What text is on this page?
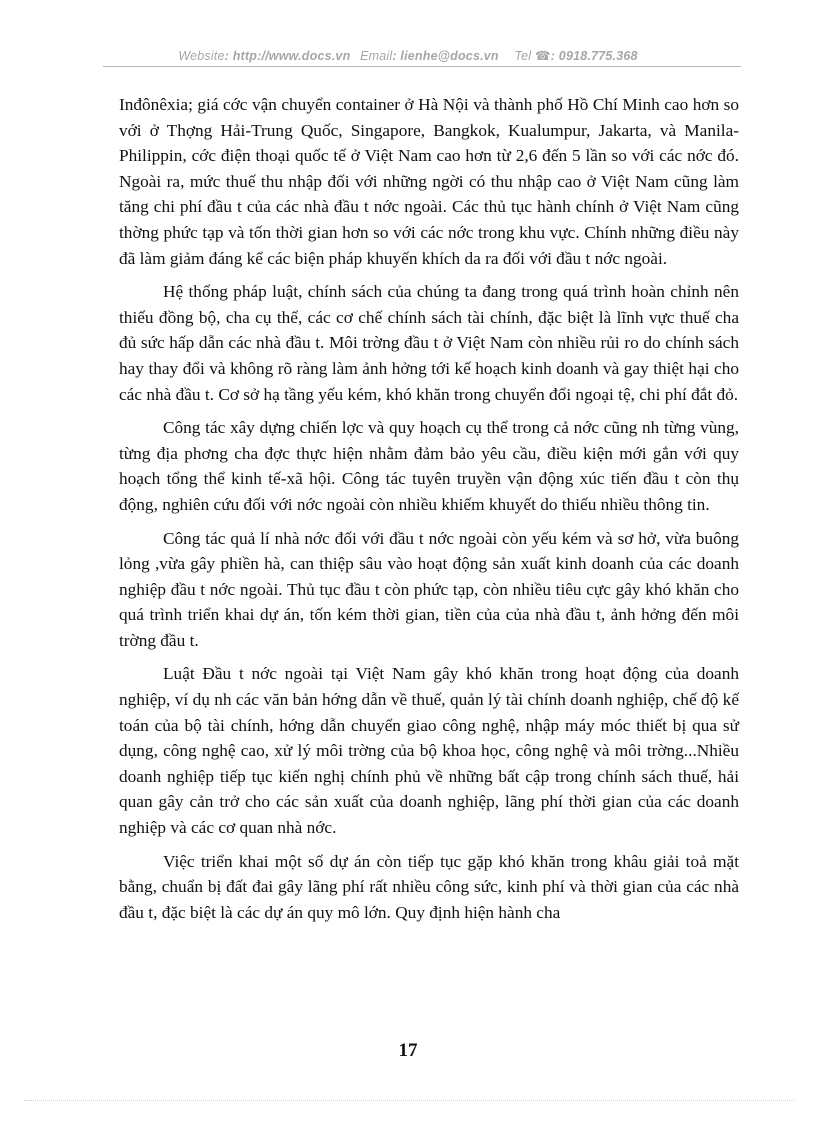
Website: http://www.docs.vn Email: lienhe@docs.vn Tel ☎: 0918.775.368

Inđônêxia; giá cớc vận chuyển container ở Hà Nội và thành phố Hồ Chí Minh cao hơn so với ở Thợng Hải-Trung Quốc, Singapore, Bangkok, Kualumpur, Jakarta, và Manila-Philippin, cớc điện thoại quốc tế ở Việt Nam cao hơn từ 2,6 đến 5 lần so với các nớc đó. Ngoài ra, mức thuế thu nhập đối với những ngời có thu nhập cao ở Việt Nam cũng làm tăng chi phí đầu t của các nhà đầu t nớc ngoài. Các thủ tục hành chính ở Việt Nam cũng thờng phức tạp và tốn thời gian hơn so với các nớc trong khu vực. Chính những điều này đã làm giảm đáng kể các biện pháp khuyến khích da ra đối với đầu t nớc ngoài.

Hệ thống pháp luật, chính sách của chúng ta đang trong quá trình hoàn chỉnh nên thiếu đồng bộ, cha cụ thể, các cơ chế chính sách tài chính, đặc biệt là lĩnh vực thuế cha đủ sức hấp dẫn các nhà đầu t. Môi trờng đầu t ở Việt Nam còn nhiều rủi ro do chính sách hay thay đổi và không rõ ràng làm ảnh hởng tới kế hoạch kinh doanh và gay thiệt hại cho các nhà đầu t. Cơ sở hạ tầng yếu kém, khó khăn trong chuyển đổi ngoại tệ, chi phí đắt đỏ.

Công tác xây dựng chiến lợc và quy hoạch cụ thể trong cả nớc cũng nh từng vùng, từng địa phơng cha đợc thực hiện nhằm đảm bảo yêu cầu, điều kiện mới gắn với quy hoạch tổng thể kinh tế-xã hội. Công tác tuyên truyền vận động xúc tiến đầu t còn thụ động, nghiên cứu đối với nớc ngoài còn nhiều khiếm khuyết do thiếu nhiều thông tin.

Công tác quả lí nhà nớc đối với đầu t nớc ngoài còn yếu kém và sơ hở, vừa buông lỏng ,vừa gây phiền hà, can thiệp sâu vào hoạt động sản xuất kinh doanh của các doanh nghiệp đầu t nớc ngoài. Thủ tục đầu t còn phức tạp, còn nhiều tiêu cực gây khó khăn cho quá trình triển khai dự án, tốn kém thời gian, tiền của của nhà đầu t, ảnh hởng đến môi trờng đầu t.

Luật Đầu t nớc ngoài tại Việt Nam gây khó khăn trong hoạt động của doanh nghiệp, ví dụ nh các văn bản hớng dẫn về thuế, quản lý tài chính doanh nghiệp, chế độ kế toán của bộ tài chính, hớng dẫn chuyển giao công nghệ, nhập máy móc thiết bị qua sử dụng, công nghệ cao, xử lý môi trờng của bộ khoa học, công nghệ và môi trờng...Nhiều doanh nghiệp tiếp tục kiến nghị chính phủ về những bất cập trong chính sách thuế, hải quan gây cản trở cho các sản xuất của doanh nghiệp, lãng phí thời gian của các doanh nghiệp và các cơ quan nhà nớc.

Việc triển khai một số dự án còn tiếp tục gặp khó khăn trong khâu giải toả mặt bằng, chuẩn bị đất đai gây lãng phí rất nhiều công sức, kinh phí và thời gian của các nhà đầu t, đặc biệt là các dự án quy mô lớn. Quy định hiện hành cha

17
